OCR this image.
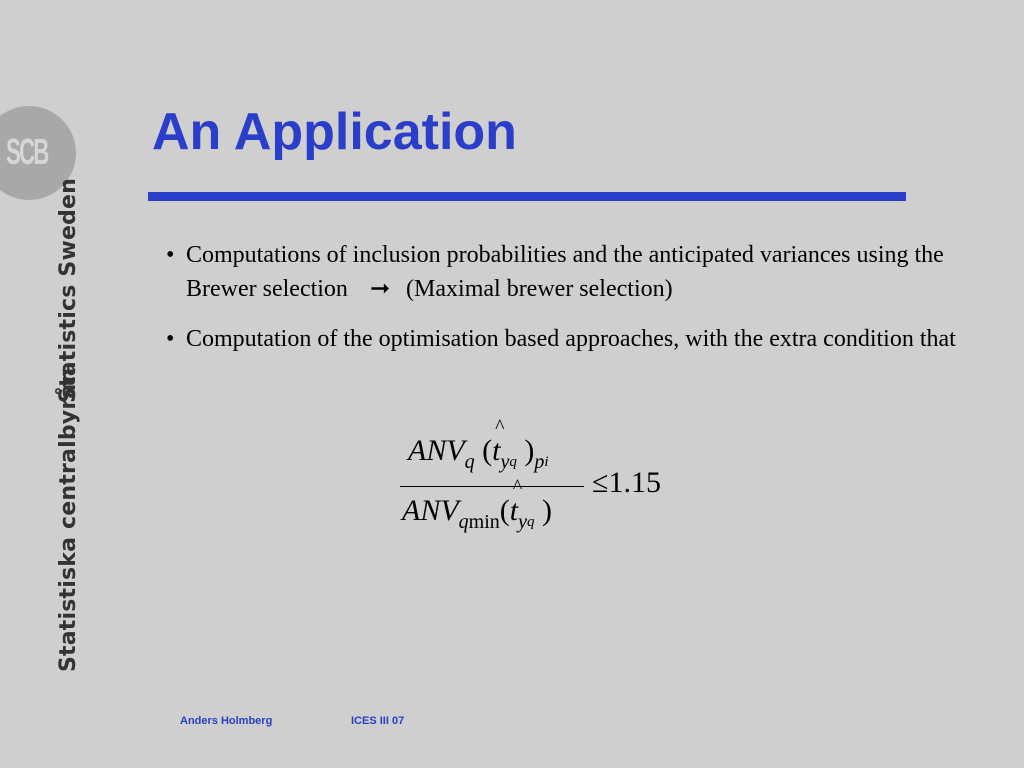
SCB
Statistics Sweden
Statistiska centralbyrån
An Application
• Computations of inclusion probabilities and the anticipated variances using the Brewer selection ➞ (Maximal brewer selection)
• Computation of the optimisation based approaches, with the extra condition that
$ANV_q$ (^ $t_{yq}$ )$_{pi}$
$ANV_{qmin}(\^{}$ $t_{yq}$ )
≤1.15
Anders Holmberg	ICES III 07
